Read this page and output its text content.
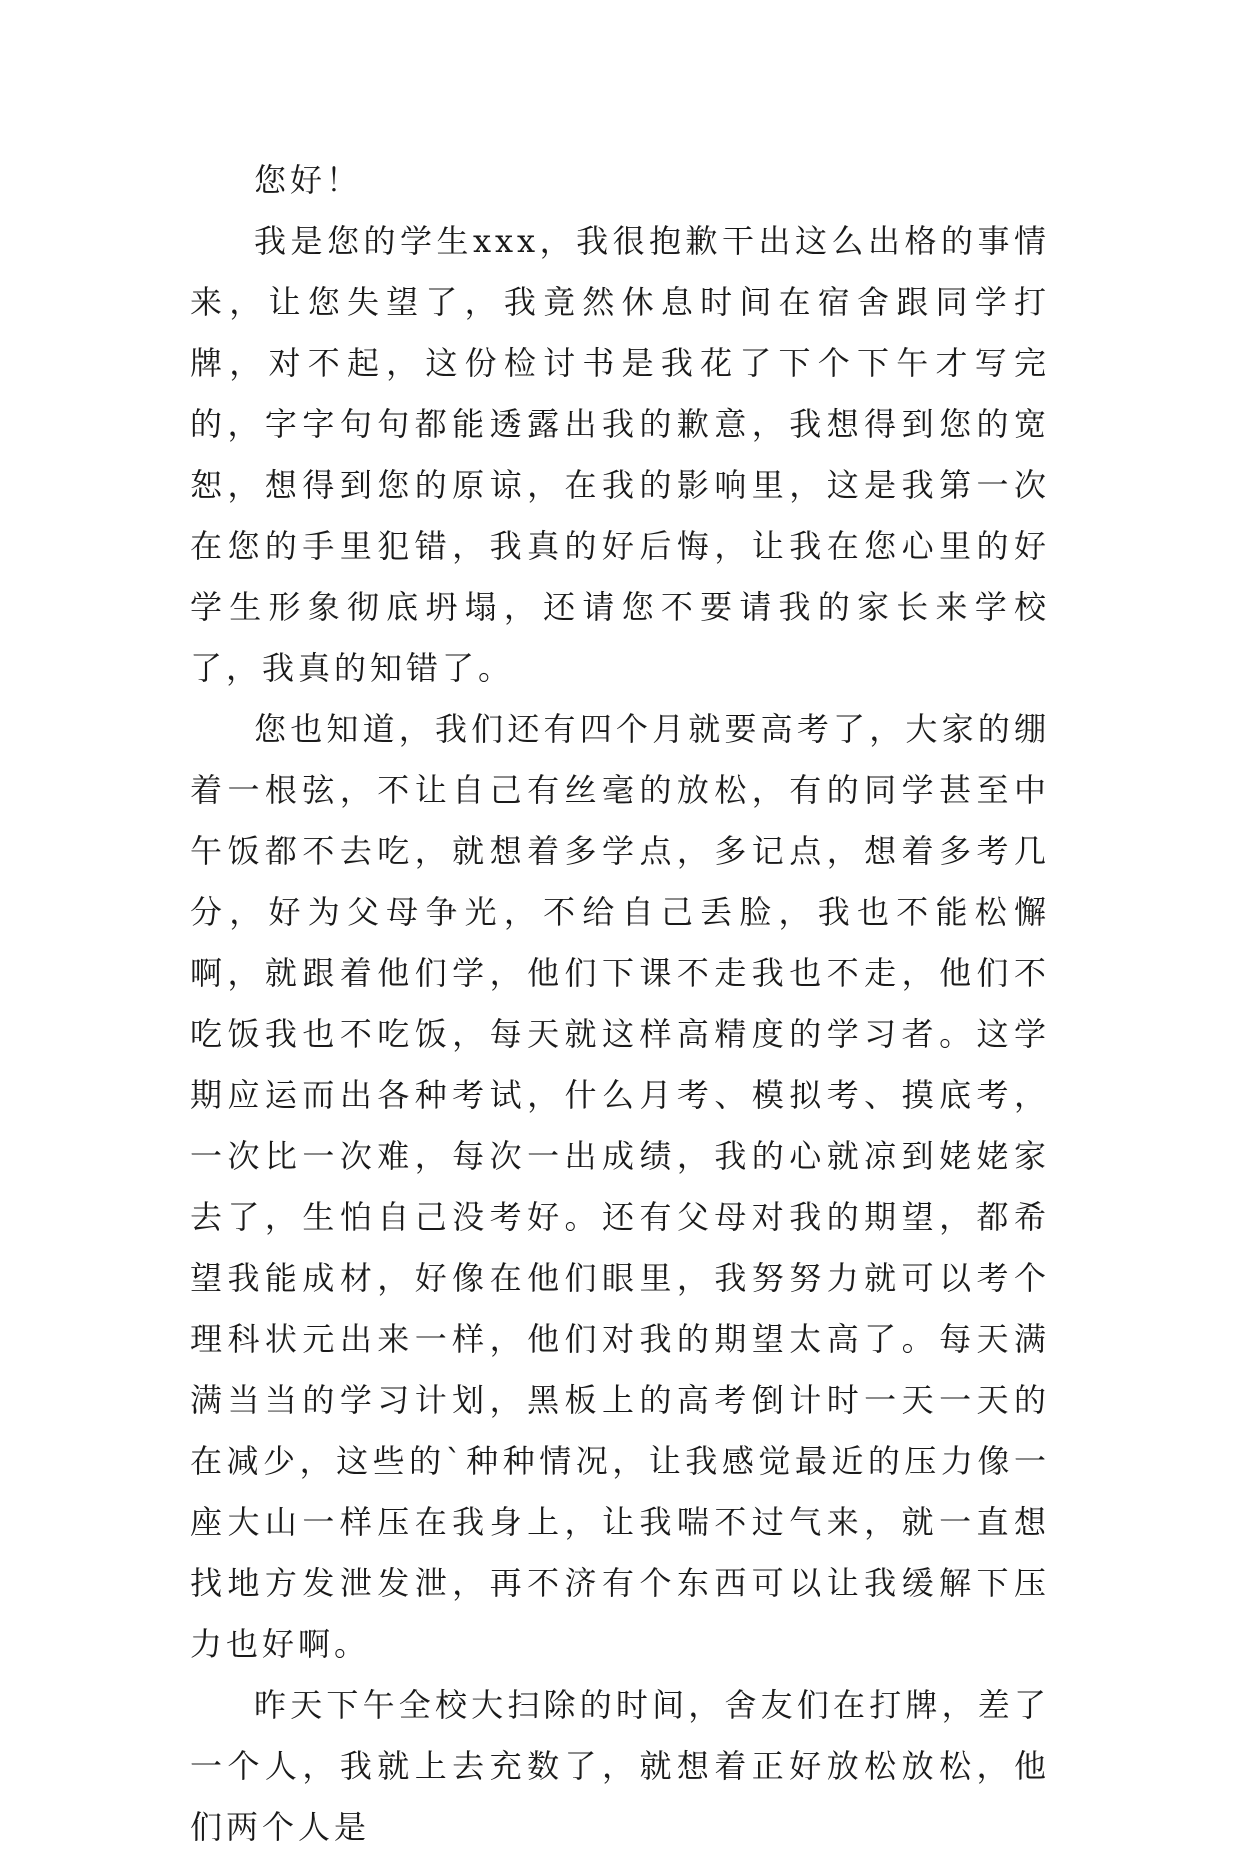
您好！

我是您的学生xxx，我很抱歉干出这么出格的事情来，让您失望了，我竟然休息时间在宿舍跟同学打牌，对不起，这份检讨书是我花了下个下午才写完的，字字句句都能透露出我的歉意，我想得到您的宽恕，想得到您的原谅，在我的影响里，这是我第一次在您的手里犯错，我真的好后悔，让我在您心里的好学生形象彻底坍塌，还请您不要请我的家长来学校了，我真的知错了。

您也知道，我们还有四个月就要高考了，大家的绷着一根弦，不让自己有丝毫的放松，有的同学甚至中午饭都不去吃，就想着多学点，多记点，想着多考几分，好为父母争光，不给自己丢脸，我也不能松懈啊，就跟着他们学，他们下课不走我也不走，他们不吃饭我也不吃饭，每天就这样高精度的学习者。这学期应运而出各种考试，什么月考、模拟考、摸底考，一次比一次难，每次一出成绩，我的心就凉到姥姥家去了，生怕自己没考好。还有父母对我的期望，都希望我能成材，好像在他们眼里，我努努力就可以考个理科状元出来一样，他们对我的期望太高了。每天满满当当的学习计划，黑板上的高考倒计时一天一天的在减少，这些的`种种情况，让我感觉最近的压力像一座大山一样压在我身上，让我喘不过气来，就一直想找地方发泄发泄，再不济有个东西可以让我缓解下压力也好啊。

昨天下午全校大扫除的时间，舍友们在打牌，差了一个人，我就上去充数了，就想着正好放松放松，他们两个人是
